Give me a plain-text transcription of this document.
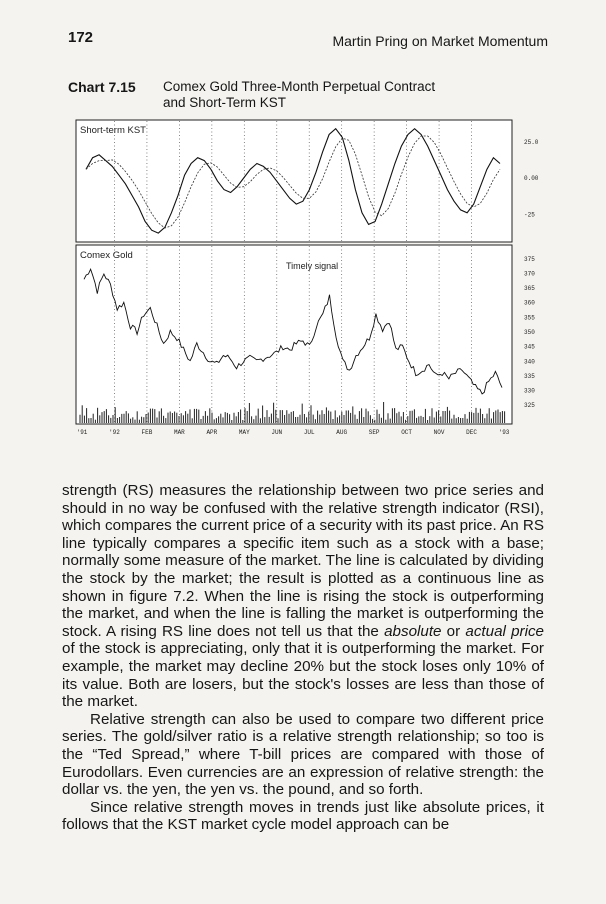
172	Martin Pring on Market Momentum
Chart 7.15 Comex Gold Three-Month Perpetual Contract
and Short-Term KST
Short-term KST
Comex Gold
Timely signal
'91	'92	FEB	MAR	APR	MAY	JUN	JUL	AUG	SEP	OCT	NOV	DEC	'93
25.0
0.00
-25
375
370
365
360
355
350
345
340
335
330
325

strength (RS) measures the relationship between two price series and should in no way be confused with the relative strength indicator (RSI), which compares the current price of a security with its past price. An RS line typically compares a specific item such as a stock with a base; normally some measure of the market. The line is calculated by dividing the stock by the market; the result is plotted as a continuous line as shown in figure 7.2. When the line is rising the stock is outperforming the market, and when the line is falling the market is outperforming the stock. A rising RS line does not tell us that the absolute or actual price of the stock is appreciating, only that it is outperforming the market. For example, the market may decline 20% but the stock loses only 10% of its value. Both are losers, but the stock's losses are less than those of the market.

Relative strength can also be used to compare two different price series. The gold/silver ratio is a relative strength relationship; so too is the “Ted Spread,” where T-bill prices are compared with those of Eurodollars. Even currencies are an expression of relative strength: the dollar vs. the yen, the yen vs. the pound, and so forth.

Since relative strength moves in trends just like absolute prices, it follows that the KST market cycle model approach can be
